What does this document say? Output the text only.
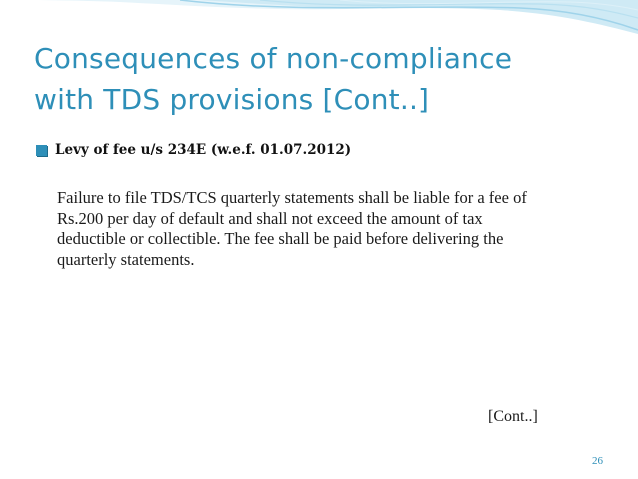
Consequences of non-compliance
with TDS provisions [Cont..]
Levy of fee u/s 234E (w.e.f. 01.07.2012)

Failure to file TDS/TCS quarterly statements shall be liable for a fee of
Rs.200 per day of default and shall not exceed the amount of tax
deductible or collectible. The fee shall be paid before delivering the
quarterly statements.

[Cont..]
26
